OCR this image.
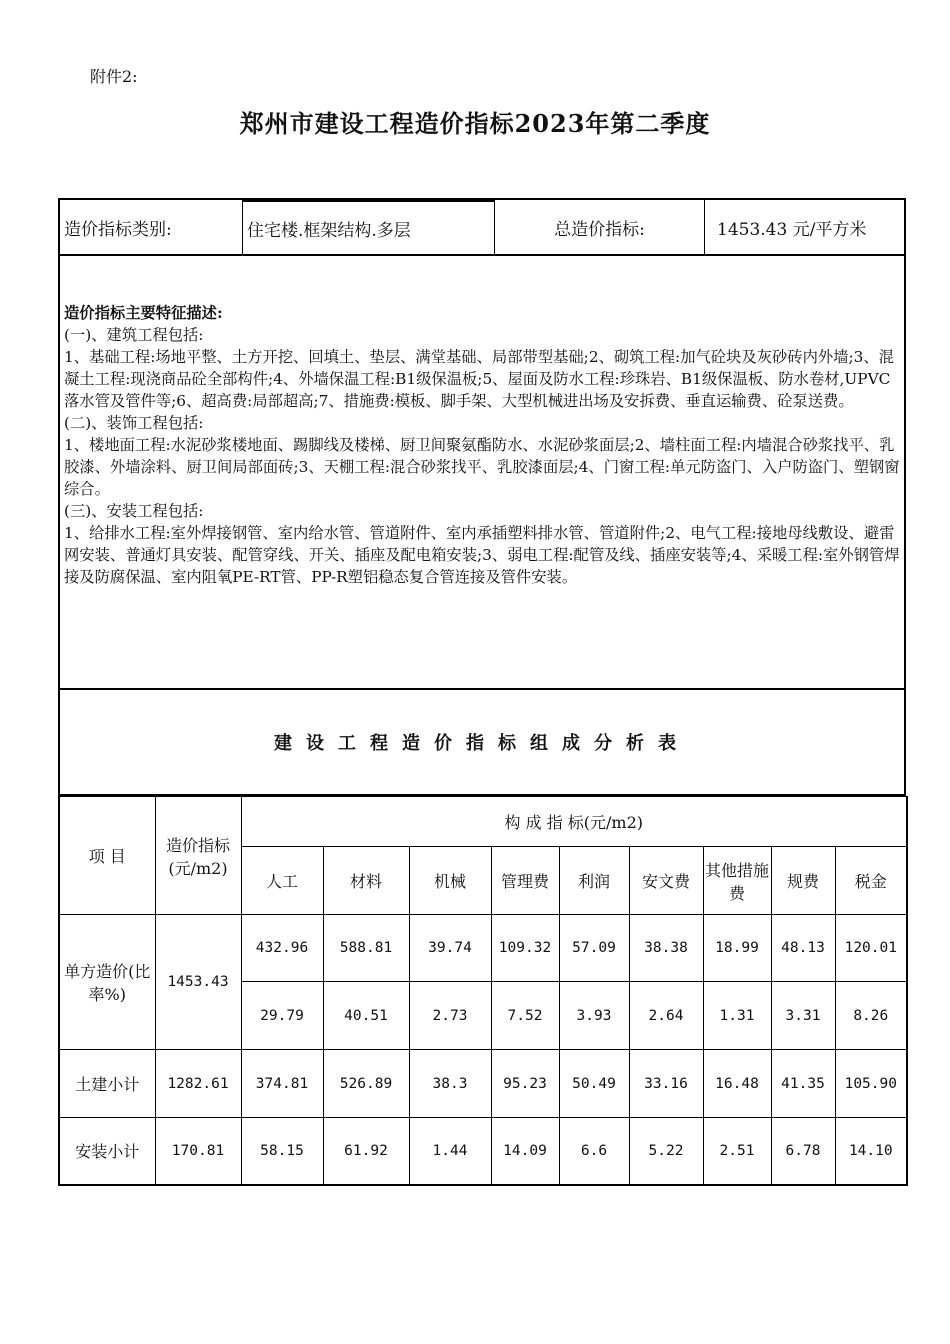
附件2:
郑州市建设工程造价指标2023年第二季度
造价指标类别:	住宅楼.框架结构.多层	总造价指标:	1453.43 元/平方米

造价指标主要特征描述:

(一)、建筑工程包括:

1、基础工程:场地平整、土方开挖、回填土、垫层、满堂基础、局部带型基础;2、砌筑工程:加气砼块及灰砂砖内外墙;3、混凝土工程:现浇商品砼全部构件;4、外墙保温工程:B1级保温板;5、屋面及防水工程:珍珠岩、B1级保温板、防水卷材,UPVC落水管及管件等;6、超高费:局部超高;7、措施费:模板、脚手架、大型机械进出场及安拆费、垂直运输费、砼泵送费。

(二)、装饰工程包括:

1、楼地面工程:水泥砂浆楼地面、踢脚线及楼梯、厨卫间聚氨酯防水、水泥砂浆面层;2、墙柱面工程:内墙混合砂浆找平、乳胶漆、外墙涂料、厨卫间局部面砖;3、天棚工程:混合砂浆找平、乳胶漆面层;4、门窗工程:单元防盗门、入户防盗门、塑钢窗综合。

(三)、安装工程包括:

1、给排水工程:室外焊接钢管、室内给水管、管道附件、室内承插塑料排水管、管道附件;2、电气工程:接地母线敷设、避雷网安装、普通灯具安装、配管穿线、开关、插座及配电箱安装;3、弱电工程:配管及线、插座安装等;4、采暖工程:室外钢管焊接及防腐保温、室内阻氧PE-RT管、PP-R塑铝稳态复合管连接及管件安装。

建设工程造价指标组成分析表
项 目	造价指标(元/m2)	构 成 指 标(元/m2)								
		人工	材料	机械	管理费	利润	安文费	其他措施费	规费	税金
单方造价(比率%)	1453.43	432.96	588.81	39.74	109.32	57.09	38.38	18.99	48.13	120.01
		29.79	40.51	2.73	7.52	3.93	2.64	1.31	3.31	8.26
土建小计	1282.61	374.81	526.89	38.3	95.23	50.49	33.16	16.48	41.35	105.90
安装小计	170.81	58.15	61.92	1.44	14.09	6.6	5.22	2.51	6.78	14.10
